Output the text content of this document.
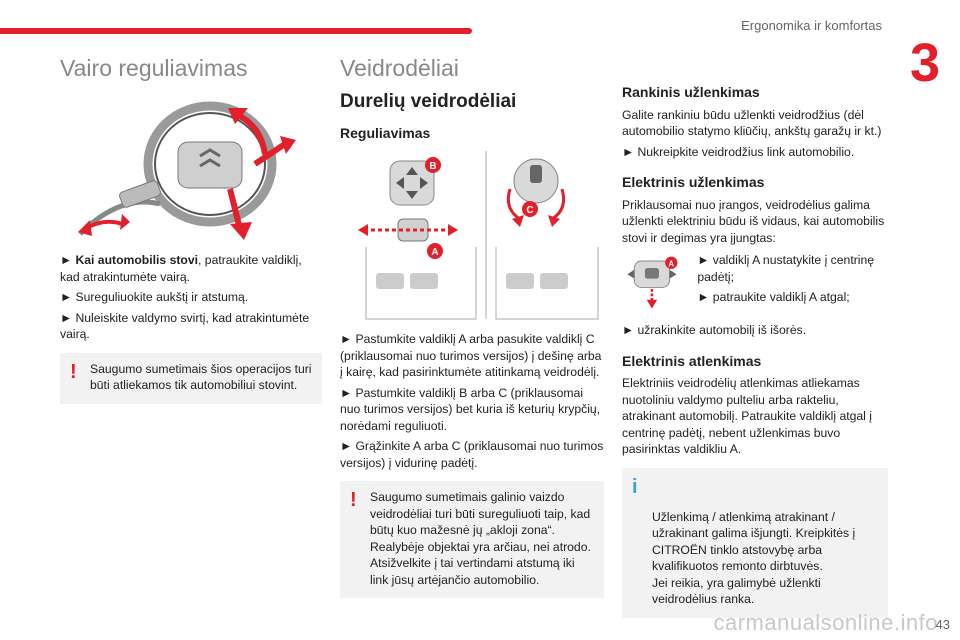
Ergonomika ir komfortas
3
Vairo reguliavimas

► Kai automobilis stovi, patraukite valdiklį, kad atrakintumėte vairą.

► Sureguliuokite aukštį ir atstumą.

► Nuleiskite valdymo svirtį, kad atrakintumėte vairą.

! Saugumo sumetimais šios operacijos turi būti atliekamos tik automobiliui stovint.
Veidrodėliai
Durelių veidrodėliai
Reguliavimas
B
A
C

► Pastumkite valdiklį A arba pasukite valdiklį C (priklausomai nuo turimos versijos) į dešinę arba į kairę, kad pasirinktumėte atitinkamą veidrodėlį.

► Pastumkite valdiklį B arba C (priklausomai nuo turimos versijos) bet kuria iš keturių krypčių, norėdami reguliuoti.

► Grąžinkite A arba C (priklausomai nuo turimos versijos) į vidurinę padėtį.

! Saugumo sumetimais galinio vaizdo veidrodėliai turi būti sureguliuoti taip, kad būtų kuo mažesnė jų „akloji zona“. Realybėje objektai yra arčiau, nei atrodo. Atsižvelkite į tai vertindami atstumą iki link jūsų artėjančio automobilio.
Rankinis užlenkimas

Galite rankiniu būdu užlenkti veidrodžius (dėl automobilio statymo kliūčių, ankštų garažų ir kt.)

► Nukreipkite veidrodžius link automobilio.

Elektrinis užlenkimas

Priklausomai nuo įrangos, veidrodėlius galima užlenkti elektriniu būdu iš vidaus, kai automobilis stovi ir degimas yra įjungtas:

A ► valdiklį A nustatykite į centrinę padėtį;

► patraukite valdiklį A atgal;

► užrakinkite automobilį iš išorės.

Elektrinis atlenkimas

Elektriniis veidrodėlių atlenkimas atliekamas nuotoliniu valdymo pulteliu arba rakteliu, atrakinant automobilį. Patraukite valdiklį atgal į centrinę padėtį, nebent užlenkimas buvo pasirinktas valdikliu A.

i

Užlenkimą / atlenkimą atrakinant / užrakinant galima išjungti. Kreipkitės į CITROËN tinklo atstovybę arba kvalifikuotos remonto dirbtuvės.
Jei reikia, yra galimybė užlenkti veidrodėlius ranka.

carmanualsonline.info
43
